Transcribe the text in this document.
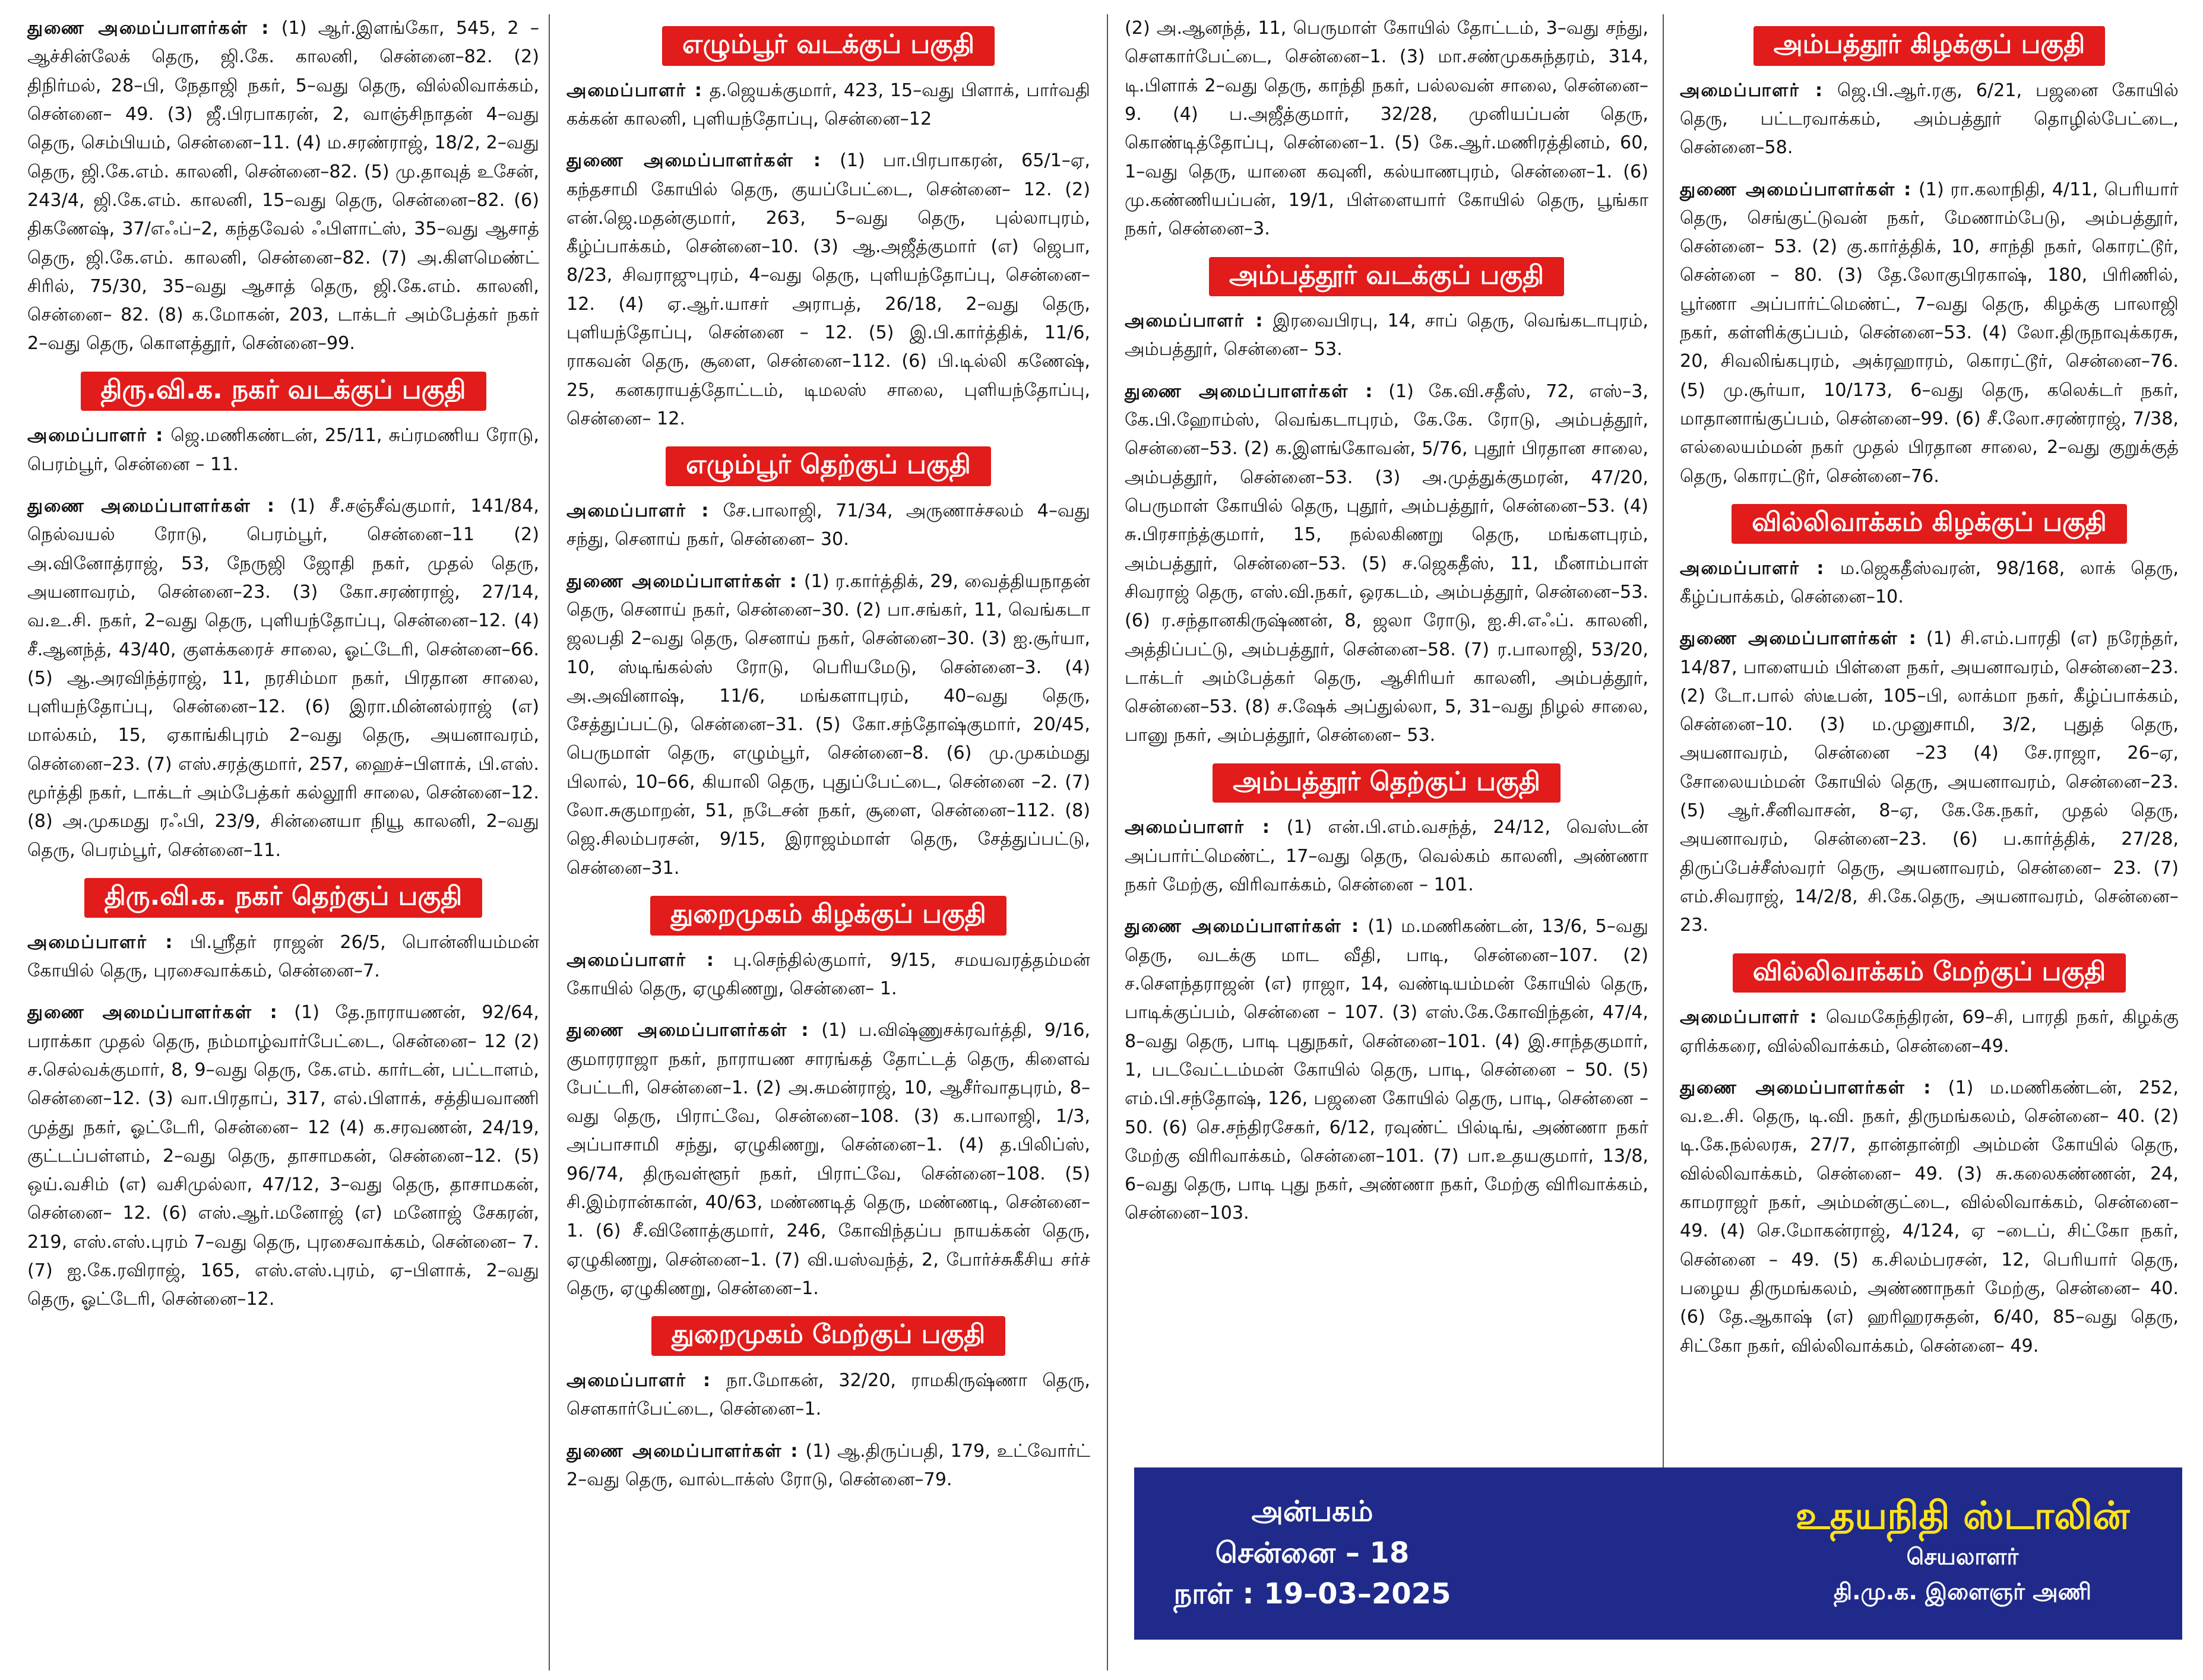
துணை அமைப்பாளர்கள் : (1) ஆர்.இளங்கோ, 545, 2 – ஆச்சின்லேக் தெரு, ஜி.கே. காலனி, சென்னை–82. (2) திநிர்மல், 28–பி, நேதாஜி நகர், 5–வது தெரு, வில்லிவாக்கம், சென்னை– 49. (3) ஜீ.பிரபாகரன், 2, வாஞ்சிநாதன் 4–வது தெரு, செம்பியம், சென்னை–11. (4) ம.சரண்ராஜ், 18/2, 2–வது தெரு, ஜி.கே.எம். காலனி, சென்னை–82. (5) மு.தாவுத் உசேன், 243/4, ஜி.கே.எம். காலனி, 15–வது தெரு, சென்னை–82. (6) திகணேஷ், 37/எஃப்–2, கந்தவேல் ஃபிளாட்ஸ், 35–வது ஆசாத் தெரு, ஜி.கே.எம். காலனி, சென்னை–82. (7) அ.கிளமெண்ட் சிரில், 75/30, 35–வது ஆசாத் தெரு, ஜி.கே.எம். காலனி, சென்னை– 82. (8) க.மோகன், 203, டாக்டர் அம்பேத்கர் நகர் 2–வது தெரு, கொளத்தூர், சென்னை–99.

திரு.வி.க. நகர் வடக்குப் பகுதி

அமைப்பாளர் : ஜெ.மணிகண்டன், 25/11, சுப்ரமணிய ரோடு, பெரம்பூர், சென்னை – 11.

துணை அமைப்பாளர்கள் : (1) சீ.சஞ்சீவ்குமார், 141/84, நெல்வயல் ரோடு, பெரம்பூர், சென்னை–11 (2) அ.வினோத்ராஜ், 53, நேருஜி ஜோதி நகர், முதல் தெரு, அயனாவரம், சென்னை–23. (3) கோ.சரண்ராஜ், 27/14, வ.உ.சி. நகர், 2–வது தெரு, புளியந்தோப்பு, சென்னை–12. (4) சீ.ஆனந்த், 43/40, குளக்கரைச் சாலை, ஓட்டேரி, சென்னை–66. (5) ஆ.அரவிந்த்ராஜ், 11, நரசிம்மா நகர், பிரதான சாலை, புளியந்தோப்பு, சென்னை–12. (6) இரா.மின்னல்ராஜ் (எ) மால்கம், 15, ஏகாங்கிபுரம் 2–வது தெரு, அயனாவரம், சென்னை–23. (7) எஸ்.சரத்குமார், 257, ஹைச்–பிளாக், பி.எஸ். மூர்த்தி நகர், டாக்டர் அம்பேத்கர் கல்லூரி சாலை, சென்னை–12. (8) அ.முகமது ரஃபி, 23/9, சின்னையா நியூ காலனி, 2–வது தெரு, பெரம்பூர், சென்னை–11.

திரு.வி.க. நகர் தெற்குப் பகுதி

அமைப்பாளர் : பி.ஸ்ரீதர் ராஜன் 26/5, பொன்னியம்மன் கோயில் தெரு, புரசைவாக்கம், சென்னை–7.

துணை அமைப்பாளர்கள் : (1) தே.நாராயணன், 92/64, பராக்கா முதல் தெரு, நம்மாழ்வார்பேட்டை, சென்னை– 12 (2) ச.செல்வக்குமார், 8, 9–வது தெரு, கே.எம். கார்டன், பட்டாளம், சென்னை–12. (3) வா.பிரதாப், 317, எல்.பிளாக், சத்தியவாணி முத்து நகர், ஓட்டேரி, சென்னை– 12 (4) க.சரவணன், 24/19, குட்டப்பள்ளம், 2–வது தெரு, தாசாமகன், சென்னை–12. (5) ஒய்.வசிம் (எ) வசிமுல்லா, 47/12, 3–வது தெரு, தாசாமகன், சென்னை– 12. (6) எஸ்.ஆர்.மனோஜ் (எ) மனோஜ் சேகரன், 219, எஸ்.எஸ்.புரம் 7–வது தெரு, புரசைவாக்கம், சென்னை– 7. (7) ஐ.கே.ரவிராஜ், 165, எஸ்.எஸ்.புரம், ஏ–பிளாக், 2–வது தெரு, ஓட்டேரி, சென்னை–12.

எழும்பூர் வடக்குப் பகுதி

அமைப்பாளர் : த.ஜெயக்குமார், 423, 15–வது பிளாக், பார்வதி கக்கன் காலனி, புளியந்தோப்பு, சென்னை–12

துணை அமைப்பாளர்கள் : (1) பா.பிரபாகரன், 65/1–ஏ, கந்தசாமி கோயில் தெரு, குயப்பேட்டை, சென்னை– 12. (2) என்.ஜெ.மதன்குமார், 263, 5–வது தெரு, புல்லாபுரம், கீழ்ப்பாக்கம், சென்னை–10. (3) ஆ.அஜீத்குமார் (எ) ஜெபா, 8/23, சிவராஜுபுரம், 4–வது தெரு, புளியந்தோப்பு, சென்னை–12. (4) ஏ.ஆர்.யாசர் அராபத், 26/18, 2–வது தெரு, புளியந்தோப்பு, சென்னை – 12. (5) இ.பி.கார்த்திக், 11/6, ராகவன் தெரு, சூளை, சென்னை–112. (6) பி.டில்லி கணேஷ், 25, கனகராயத்தோட்டம், டிமலஸ் சாலை, புளியந்தோப்பு, சென்னை– 12.

எழும்பூர் தெற்குப் பகுதி

அமைப்பாளர் : சே.பாலாஜி, 71/34, அருணாச்சலம் 4–வது சந்து, செனாய் நகர், சென்னை– 30.

துணை அமைப்பாளர்கள் : (1) ர.கார்த்திக், 29, வைத்தியநாதன் தெரு, செனாய் நகர், சென்னை–30. (2) பா.சங்கர், 11, வெங்கடா ஜலபதி 2–வது தெரு, செனாய் நகர், சென்னை–30. (3) ஐ.சூர்யா, 10, ஸ்டிங்கல்ஸ் ரோடு, பெரியமேடு, சென்னை–3. (4) அ.அவினாஷ், 11/6, மங்களாபுரம், 40–வது தெரு, சேத்துப்பட்டு, சென்னை–31. (5) கோ.சந்தோஷ்குமார், 20/45, பெருமாள் தெரு, எழும்பூர், சென்னை–8. (6) மு.முகம்மது பிலால், 10–66, கியாலி தெரு, புதுப்பேட்டை, சென்னை –2. (7) லோ.சுகுமாறன், 51, நடேசன் நகர், சூளை, சென்னை–112. (8) ஜெ.சிலம்பரசன், 9/15, இராஜம்மாள் தெரு, சேத்துப்பட்டு, சென்னை–31.

துறைமுகம் கிழக்குப் பகுதி

அமைப்பாளர் : பு.செந்தில்குமார், 9/15, சமயவரத்தம்மன் கோயில் தெரு, ஏழுகிணறு, சென்னை– 1.

துணை அமைப்பாளர்கள் : (1) ப.விஷ்ணுசக்ரவர்த்தி, 9/16, குமாரராஜா நகர், நாராயண சாரங்கத் தோட்டத் தெரு, கிளைவ் பேட்டரி, சென்னை–1. (2) அ.சுமன்ராஜ், 10, ஆசீர்வாதபுரம், 8–வது தெரு, பிராட்வே, சென்னை–108. (3) க.பாலாஜி, 1/3, அப்பாசாமி சந்து, ஏழுகிணறு, சென்னை–1. (4) த.பிலிப்ஸ், 96/74, திருவள்ளூர் நகர், பிராட்வே, சென்னை–108. (5) சி.இம்ரான்கான், 40/63, மண்ணடித் தெரு, மண்ணடி, சென்னை–1. (6) சீ.வினோத்குமார், 246, கோவிந்தப்ப நாயக்கன் தெரு, ஏழுகிணறு, சென்னை–1. (7) வி.யஸ்வந்த், 2, போர்ச்சுகீசிய சர்ச் தெரு, ஏழுகிணறு, சென்னை–1.

துறைமுகம் மேற்குப் பகுதி

அமைப்பாளர் : நா.மோகன், 32/20, ராமகிருஷ்ணா தெரு, சௌகார்பேட்டை, சென்னை–1.

துணை அமைப்பாளர்கள் : (1) ஆ.திருப்பதி, 179, உட்வோர்ட் 2–வது தெரு, வால்டாக்ஸ் ரோடு, சென்னை–79.

(2) அ.ஆனந்த், 11, பெருமாள் கோயில் தோட்டம், 3–வது சந்து, சௌகார்பேட்டை, சென்னை–1. (3) மா.சண்முகசுந்தரம், 314, டி.பிளாக் 2–வது தெரு, காந்தி நகர், பல்லவன் சாலை, சென்னை–9. (4) ப.அஜீத்குமார், 32/28, முனியப்பன் தெரு, கொண்டித்தோப்பு, சென்னை–1. (5) கே.ஆர்.மணிரத்தினம், 60, 1–வது தெரு, யானை கவுனி, கல்யாணபுரம், சென்னை–1. (6) மு.கண்ணியப்பன், 19/1, பிள்ளையார் கோயில் தெரு, பூங்கா நகர், சென்னை–3.

அம்பத்தூர் வடக்குப் பகுதி

அமைப்பாளர் : இரவைபிரபு, 14, சாப் தெரு, வெங்கடாபுரம், அம்பத்தூர், சென்னை– 53.

துணை அமைப்பாளர்கள் : (1) கே.வி.சதீஸ், 72, எஸ்–3, கே.பி.ஹோம்ஸ், வெங்கடாபுரம், கே.கே. ரோடு, அம்பத்தூர், சென்னை–53. (2) க.இளங்கோவன், 5/76, புதூர் பிரதான சாலை, அம்பத்தூர், சென்னை–53. (3) அ.முத்துக்குமரன், 47/20, பெருமாள் கோயில் தெரு, புதூர், அம்பத்தூர், சென்னை–53. (4) சு.பிரசாந்த்குமார், 15, நல்லகிணறு தெரு, மங்களபுரம், அம்பத்தூர், சென்னை–53. (5) ச.ஜெகதீஸ், 11, மீனாம்பாள் சிவராஜ் தெரு, எஸ்.வி.நகர், ஒரகடம், அம்பத்தூர், சென்னை–53. (6) ர.சந்தானகிருஷ்ணன், 8, ஜலா ரோடு, ஐ.சி.எஃப். காலனி, அத்திப்பட்டு, அம்பத்தூர், சென்னை–58. (7) ர.பாலாஜி, 53/20, டாக்டர் அம்பேத்கர் தெரு, ஆசிரியர் காலனி, அம்பத்தூர், சென்னை–53. (8) ச.ஷேக் அப்துல்லா, 5, 31–வது நிழல் சாலை, பானு நகர், அம்பத்தூர், சென்னை– 53.

அம்பத்தூர் தெற்குப் பகுதி

அமைப்பாளர் : (1) என்.பி.எம்.வசந்த், 24/12, வெஸ்டன் அப்பார்ட்மெண்ட், 17–வது தெரு, வெல்கம் காலனி, அண்ணா நகர் மேற்கு, விரிவாக்கம், சென்னை – 101.

துணை அமைப்பாளர்கள் : (1) ம.மணிகண்டன், 13/6, 5–வது தெரு, வடக்கு மாட வீதி, பாடி, சென்னை–107. (2) ச.சௌந்தராஜன் (எ) ராஜா, 14, வண்டியம்மன் கோயில் தெரு, பாடிக்குப்பம், சென்னை – 107. (3) எஸ்.கே.கோவிந்தன், 47/4, 8–வது தெரு, பாடி புதுநகர், சென்னை–101. (4) இ.சாந்தகுமார், 1, படவேட்டம்மன் கோயில் தெரு, பாடி, சென்னை – 50. (5) எம்.பி.சந்தோஷ், 126, பஜனை கோயில் தெரு, பாடி, சென்னை – 50. (6) செ.சந்திரசேகர், 6/12, ரவுண்ட் பில்டிங், அண்ணா நகர் மேற்கு விரிவாக்கம், சென்னை–101. (7) பா.உதயகுமார், 13/8, 6–வது தெரு, பாடி புது நகர், அண்ணா நகர், மேற்கு விரிவாக்கம், சென்னை–103.

அம்பத்தூர் கிழக்குப் பகுதி

அமைப்பாளர் : ஜெ.பி.ஆர்.ரகு, 6/21, பஜனை கோயில் தெரு, பட்டரவாக்கம், அம்பத்தூர் தொழில்பேட்டை, சென்னை–58.

துணை அமைப்பாளர்கள் : (1) ரா.கலாநிதி, 4/11, பெரியார் தெரு, செங்குட்டுவன் நகர், மேணாம்பேடு, அம்பத்தூர், சென்னை– 53. (2) கு.கார்த்திக், 10, சாந்தி நகர், கொரட்டூர், சென்னை – 80. (3) தே.லோகுபிரகாஷ், 180, பிரிணில், பூர்ணா அப்பார்ட்மெண்ட், 7–வது தெரு, கிழக்கு பாலாஜி நகர், கள்ளிக்குப்பம், சென்னை–53. (4) லோ.திருநாவுக்கரசு, 20, சிவலிங்கபுரம், அக்ரஹாரம், கொரட்டூர், சென்னை–76. (5) மு.சூர்யா, 10/173, 6–வது தெரு, கலெக்டர் நகர், மாதானாங்குப்பம், சென்னை–99. (6) சீ.லோ.சரண்ராஜ், 7/38, எல்லையம்மன் நகர் முதல் பிரதான சாலை, 2–வது குறுக்குத் தெரு, கொரட்டூர், சென்னை–76.

வில்லிவாக்கம் கிழக்குப் பகுதி

அமைப்பாளர் : ம.ஜெகதீஸ்வரன், 98/168, லாக் தெரு, கீழ்ப்பாக்கம், சென்னை–10.

துணை அமைப்பாளர்கள் : (1) சி.எம்.பாரதி (எ) நரேந்தர், 14/87, பாளையம் பிள்ளை நகர், அயனாவரம், சென்னை–23. (2) டோ.பால் ஸ்டீபன், 105–பி, லாக்மா நகர், கீழ்ப்பாக்கம், சென்னை–10. (3) ம.முனுசாமி, 3/2, புதுத் தெரு, அயனாவரம், சென்னை –23 (4) சே.ராஜா, 26–ஏ, சோலையம்மன் கோயில் தெரு, அயனாவரம், சென்னை–23. (5) ஆர்.சீனிவாசன், 8–ஏ, கே.கே.நகர், முதல் தெரு, அயனாவரம், சென்னை–23. (6) ப.கார்த்திக், 27/28, திருப்பேச்சீஸ்வரர் தெரு, அயனாவரம், சென்னை– 23. (7) எம்.சிவராஜ், 14/2/8, சி.கே.தெரு, அயனாவரம், சென்னை– 23.

வில்லிவாக்கம் மேற்குப் பகுதி

அமைப்பாளர் : வெமகேந்திரன், 69–சி, பாரதி நகர், கிழக்கு ஏரிக்கரை, வில்லிவாக்கம், சென்னை–49.

துணை அமைப்பாளர்கள் : (1) ம.மணிகண்டன், 252, வ.உ.சி. தெரு, டி.வி. நகர், திருமங்கலம், சென்னை– 40. (2) டி.கே.நல்லரசு, 27/7, தான்தான்றி அம்மன் கோயில் தெரு, வில்லிவாக்கம், சென்னை– 49. (3) சு.கலைகண்ணன், 24, காமராஜர் நகர், அம்மன்குட்டை, வில்லிவாக்கம், சென்னை– 49. (4) செ.மோகன்ராஜ், 4/124, ஏ –டைப், சிட்கோ நகர், சென்னை – 49. (5) க.சிலம்பரசன், 12, பெரியார் தெரு, பழைய திருமங்கலம், அண்ணாநகர் மேற்கு, சென்னை– 40. (6) தே.ஆகாஷ் (எ) ஹரிஹரசுதன், 6/40, 85–வது தெரு, சிட்கோ நகர், வில்லிவாக்கம், சென்னை– 49.

அன்பகம்
சென்னை – 18
நாள் : 19–03–2025
உதயநிதி ஸ்டாலின்
செயலாளர்
தி.மு.க. இளைஞர் அணி
